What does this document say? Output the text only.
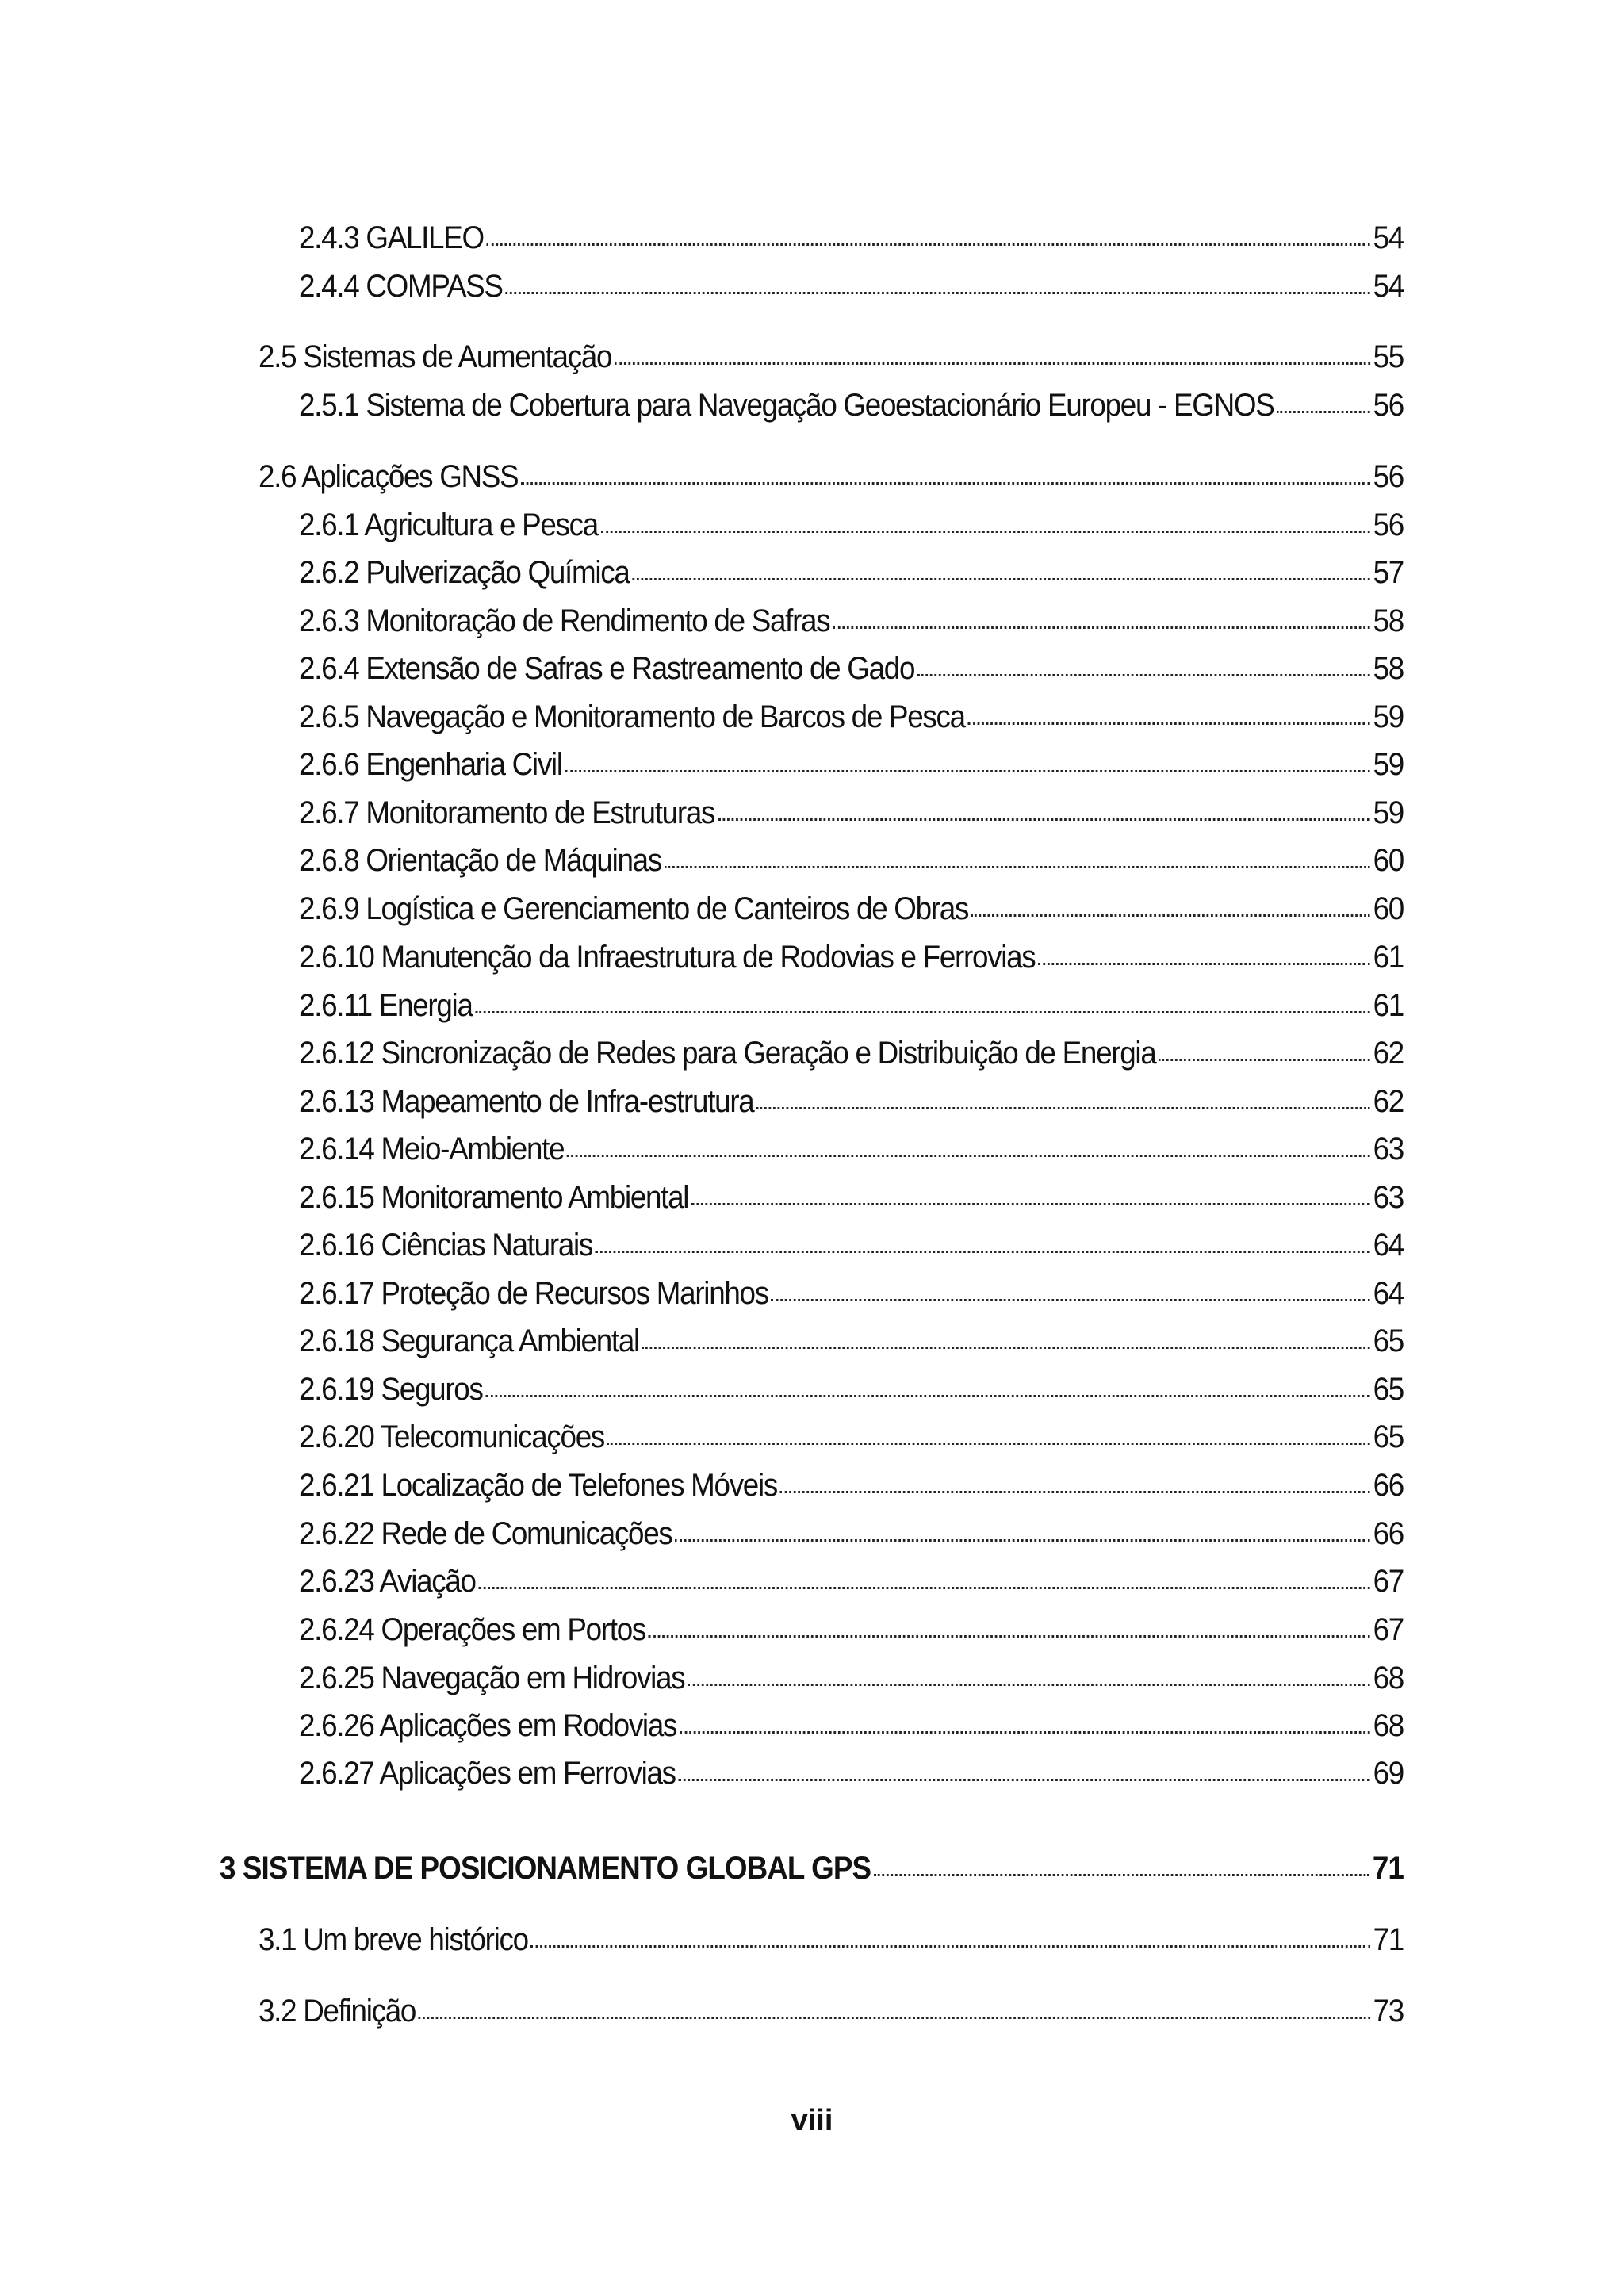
2.4.3 GALILEO	54
2.4.4 COMPASS	54
2.5 Sistemas de Aumentação	55
2.5.1 Sistema de Cobertura para Navegação Geoestacionário Europeu - EGNOS	56
2.6 Aplicações GNSS	56
2.6.1 Agricultura e Pesca	56
2.6.2 Pulverização Química	57
2.6.3 Monitoração de Rendimento de Safras	58
2.6.4 Extensão de Safras e Rastreamento de Gado	58
2.6.5 Navegação e Monitoramento de Barcos de Pesca	59
2.6.6 Engenharia Civil	59
2.6.7 Monitoramento de Estruturas	59
2.6.8 Orientação de Máquinas	60
2.6.9 Logística e Gerenciamento de Canteiros de Obras	60
2.6.10 Manutenção da Infraestrutura de Rodovias e Ferrovias	61
2.6.11 Energia	61
2.6.12 Sincronização de Redes para Geração e Distribuição de Energia	62
2.6.13 Mapeamento de Infra-estrutura	62
2.6.14 Meio-Ambiente	63
2.6.15 Monitoramento Ambiental	63
2.6.16 Ciências Naturais	64
2.6.17 Proteção de Recursos Marinhos	64
2.6.18 Segurança Ambiental	65
2.6.19 Seguros	65
2.6.20 Telecomunicações	65
2.6.21 Localização de Telefones Móveis	66
2.6.22 Rede de Comunicações	66
2.6.23 Aviação	67
2.6.24 Operações em Portos	67
2.6.25 Navegação em Hidrovias	68
2.6.26 Aplicações em Rodovias	68
2.6.27 Aplicações em Ferrovias	69
3 SISTEMA DE POSICIONAMENTO GLOBAL GPS	71
3.1 Um breve histórico	71
3.2 Definição	73
viii
